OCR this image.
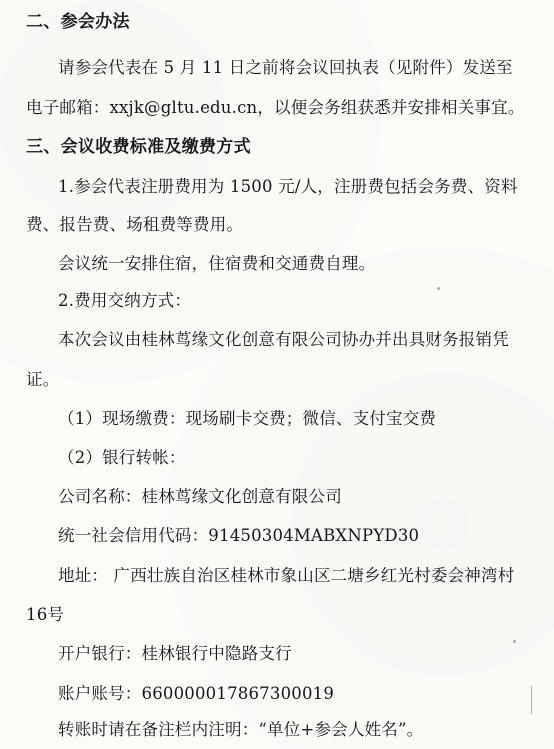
二、参会办法
请参会代表在 5 月 11 日之前将会议回执表（见附件）发送至
电子邮箱：xxjk@gltu.edu.cn，以便会务组获悉并安排相关事宜。
三、会议收费标准及缴费方式
1.参会代表注册费用为 1500 元/人，注册费包括会务费、资料
费、报告费、场租费等费用。
会议统一安排住宿，住宿费和交通费自理。
2.费用交纳方式：
本次会议由桂林茑缘文化创意有限公司协办并出具财务报销凭
证。
（1）现场缴费：现场刷卡交费；微信、支付宝交费
（2）银行转帐：
公司名称：桂林茑缘文化创意有限公司
统一社会信用代码：91450304MABXNPYD30
地址： 广西壮族自治区桂林市象山区二塘乡红光村委会神湾村
16号
开户银行：桂林银行中隐路支行
账户账号：660000017867300019
转账时请在备注栏内注明：“单位+参会人姓名”。
